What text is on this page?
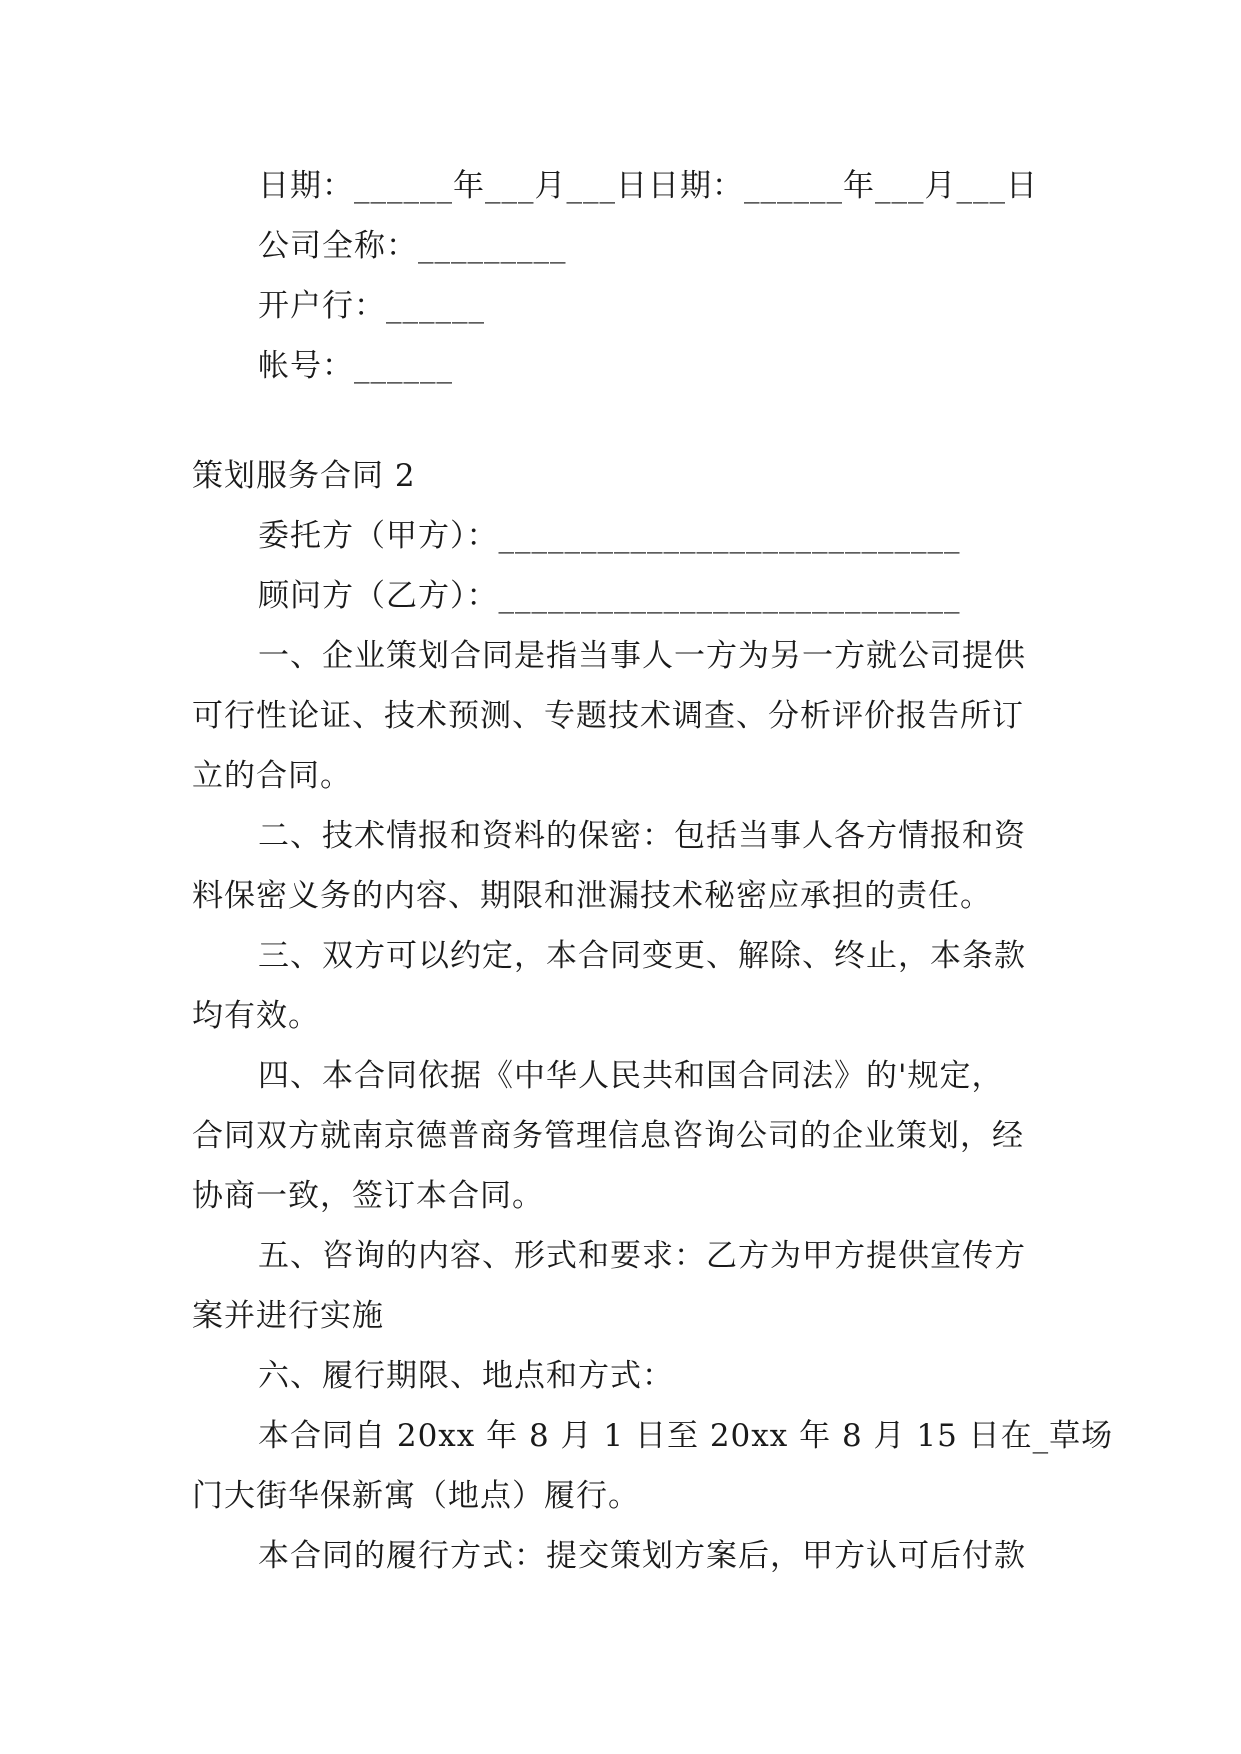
日期：______年___月___日日期：______年___月___日
公司全称：_________
开户行：______
帐号：______
策划服务合同 2
委托方（甲方）：____________________________
顾问方（乙方）：____________________________
一、企业策划合同是指当事人一方为另一方就公司提供
可行性论证、技术预测、专题技术调查、分析评价报告所订
立的合同。
二、技术情报和资料的保密：包括当事人各方情报和资
料保密义务的内容、期限和泄漏技术秘密应承担的责任。
三、双方可以约定，本合同变更、解除、终止，本条款
均有效。
四、本合同依据《中华人民共和国合同法》的'规定，
合同双方就南京德普商务管理信息咨询公司的企业策划，经
协商一致，签订本合同。
五、咨询的内容、形式和要求：乙方为甲方提供宣传方
案并进行实施
六、履行期限、地点和方式：
本合同自 20xx 年 8 月 1 日至 20xx 年 8 月 15 日在_草场
门大街华保新寓（地点）履行。
本合同的履行方式：提交策划方案后，甲方认可后付款
